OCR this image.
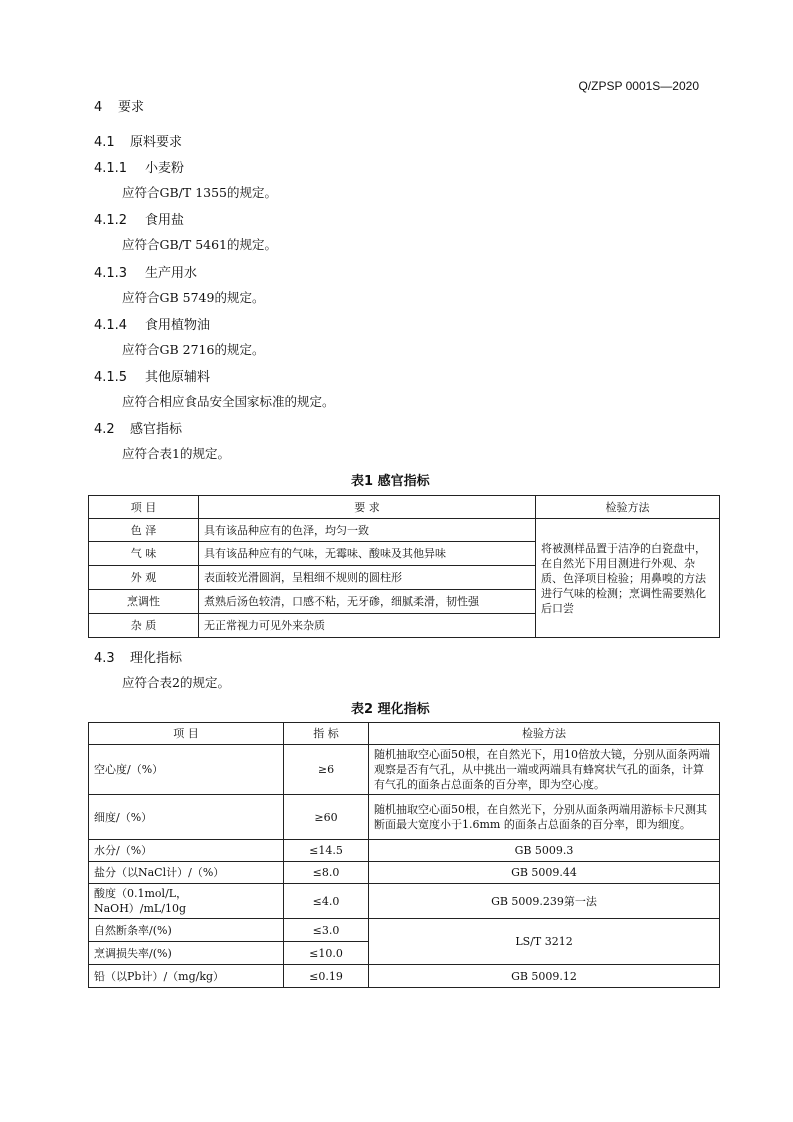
Q/ZPSP 0001S—2020
4 要求
4.1 原料要求
4.1.1 小麦粉
应符合GB/T 1355的规定。
4.1.2 食用盐
应符合GB/T 5461的规定。
4.1.3 生产用水
应符合GB 5749的规定。
4.1.4 食用植物油
应符合GB 2716的规定。
4.1.5 其他原辅料
应符合相应食品安全国家标准的规定。
4.2 感官指标
应符合表1的规定。
表1 感官指标
项 目	要 求	检验方法
色 泽	具有该品种应有的色泽，均匀一致	将被测样品置于洁净的白瓷盘中，在自然光下用目测进行外观、杂质、色泽项目检验；用鼻嗅的方法进行气味的检测；烹调性需要熟化后口尝
气 味	具有该品种应有的气味，无霉味、酸味及其他异味	
外 观	表面较光滑圆润，呈粗细不规则的圆柱形	
烹调性	煮熟后汤色较清，口感不粘，无牙碜，细腻柔滑，韧性强	
杂 质	无正常视力可见外来杂质	
4.3 理化指标
应符合表2的规定。
表2 理化指标
项 目	指 标	检验方法
空心度/（%）	≥6	随机抽取空心面50根，在自然光下，用10倍放大镜，分别从面条两端观察是否有气孔，从中挑出一端或两端具有蜂窝状气孔的面条，计算有气孔的面条占总面条的百分率，即为空心度。
细度/（%）	≥60	随机抽取空心面50根，在自然光下，分别从面条两端用游标卡尺测其断面最大宽度小于1.6mm 的面条占总面条的百分率，即为细度。
水分/（%）	≤14.5	GB 5009.3
盐分（以NaCl计）/（%）	≤8.0	GB 5009.44
酸度（0.1mol/L，NaOH）/mL/10g	≤4.0	GB 5009.239第一法
自然断条率/(%)	≤3.0	LS/T 3212
烹调损失率/(%)	≤10.0	
铅（以Pb计）/（mg/kg）	≤0.19	GB 5009.12
